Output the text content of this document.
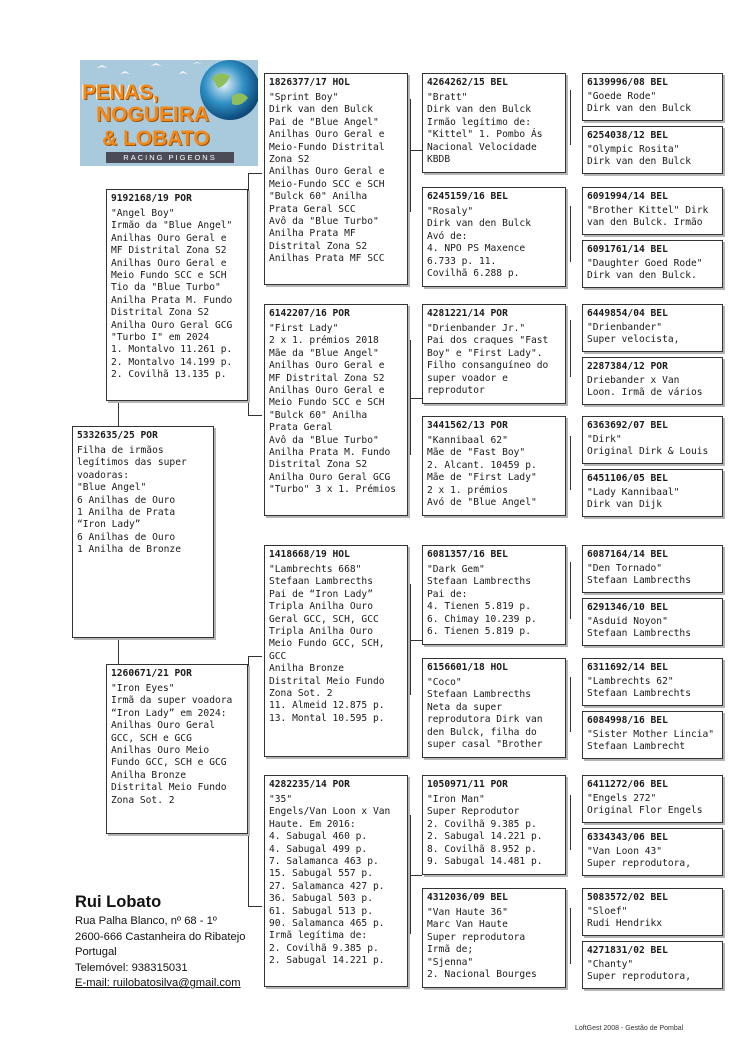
PENAS,
NOGUEIRA
& LOBATO
RACING PIGEONS
5332635/25 POR
Filha de irmãos
legítimos das super
voadoras:
"Blue Angel"
6 Anilhas de Ouro
1 Anilha de Prata
“Iron Lady”
6 Anilhas de Ouro
1 Anilha de Bronze
9192168/19 POR
"Angel Boy"
Irmão da "Blue Angel"
Anilhas Ouro Geral e
MF Distrital Zona S2
Anilhas Ouro Geral e
Meio Fundo SCC e SCH
Tio da "Blue Turbo"
Anilha Prata M. Fundo
Distrital Zona S2
Anilha Ouro Geral GCG
"Turbo I" em 2024
1. Montalvo 11.261 p.
2. Montalvo 14.199 p.
2. Covilhã 13.135 p.
1260671/21 POR
"Iron Eyes"
Irmã da super voadora
“Iron Lady” em 2024:
Anilhas Ouro Geral
GCC, SCH e GCG
Anilhas Ouro Meio
Fundo GCC, SCH e GCG
Anilha Bronze
Distrital Meio Fundo
Zona Sot. 2
1826377/17 HOL
"Sprint Boy"
Dirk van den Bulck
Pai de "Blue Angel"
Anilhas Ouro Geral e
Meio-Fundo Distrital
Zona S2
Anilhas Ouro Geral e
Meio-Fundo SCC e SCH
"Bulck 60" Anilha
Prata Geral SCC
Avô da "Blue Turbo"
Anilha Prata MF
Distrital Zona S2
Anilhas Prata MF SCC
6142207/16 POR
"First Lady"
2 x 1. prémios 2018
Mãe da "Blue Angel"
Anilhas Ouro Geral e
MF Distrital Zona S2
Anilhas Ouro Geral e
Meio Fundo SCC e SCH
"Bulck 60" Anilha
Prata Geral
Avô da "Blue Turbo"
Anilha Prata M. Fundo
Distrital Zona S2
Anilha Ouro Geral GCG
"Turbo" 3 x 1. Prémios
1418668/19 HOL
"Lambrechts 668"
Stefaan Lambrecths
Pai de “Iron Lady”
Tripla Anilha Ouro
Geral GCC, SCH, GCC
Tripla Anilha Ouro
Meio Fundo GCC, SCH,
GCC
Anilha Bronze
Distrital Meio Fundo
Zona Sot. 2
11. Almeid 12.875 p.
13. Montal 10.595 p.
4282235/14 POR
"35"
Engels/Van Loon x Van
Haute. Em 2016:
4. Sabugal 460 p.
4. Sabugal 499 p.
7. Salamanca 463 p.
15. Sabugal 557 p.
27. Salamanca 427 p.
36. Sabugal 503 p.
61. Sabugal 513 p.
90. Salamanca 465 p.
Irmã legítima de:
2. Covilhã 9.385 p.
2. Sabugal 14.221 p.
4264262/15 BEL
"Bratt"
Dirk van den Bulck
Irmão legítimo de:
"Kittel" 1. Pombo Ás
Nacional Velocidade
KBDB
6245159/16 BEL
"Rosaly"
Dirk van den Bulck
Avó de:
4. NPO PS Maxence
6.733 p. 11.
Covilhã 6.288 p.
4281221/14 POR
"Drienbander Jr."
Pai dos craques "Fast
Boy" e "First Lady".
Filho consanguíneo do
super voador e
reprodutor
3441562/13 POR
"Kannibaal 62"
Mãe de "Fast Boy"
2. Alcant. 10459 p.
Mãe de "First Lady"
2 x 1. prémios
Avó de "Blue Angel"
6081357/16 BEL
"Dark Gem"
Stefaan Lambrecths
Pai de:
4. Tienen 5.819 p.
6. Chimay 10.239 p.
6. Tienen 5.819 p.
6156601/18 HOL
"Coco"
Stefaan Lambrecths
Neta da super
reprodutora Dirk van
den Bulck, filha do
super casal "Brother
1050971/11 POR
"Iron Man"
Super Reprodutor
2. Covilhã 9.385 p.
2. Sabugal 14.221 p.
8. Covilhã 8.952 p.
9. Sabugal 14.481 p.
4312036/09 BEL
"Van Haute 36"
Marc Van Haute
Super reprodutora
Irmã de;
"Sjenna"
2. Nacional Bourges
6139996/08 BEL
"Goede Rode"
Dirk van den Bulck
6254038/12 BEL
"Olympic Rosita"
Dirk van den Bulck
6091994/14 BEL
"Brother Kittel" Dirk
van den Bulck. Irmão
6091761/14 BEL
"Daughter Goed Rode"
Dirk van den Bulck.
6449854/04 BEL
"Drienbander"
Super velocista,
2287384/12 POR
Driebander x Van
Loon. Irmã de vários
6363692/07 BEL
"Dirk"
Original Dirk & Louis
6451106/05 BEL
"Lady Kannibaal"
Dirk van Dijk
6087164/14 BEL
"Den Tornado"
Stefaan Lambrecths
6291346/10 BEL
"Asduid Noyon"
Stefaan Lambrecths
6311692/14 BEL
"Lambrechts 62"
Stefaan Lambrechts
6084998/16 BEL
"Sister Mother Lincia"
Stefaan Lambrecht
6411272/06 BEL
"Engels 272"
Original Flor Engels
6334343/06 BEL
"Van Loon 43"
Super reprodutora,
5083572/02 BEL
"Sloef"
Rudi Hendrikx
4271831/02 BEL
"Chanty"
Super reprodutora,
Rui Lobato
Rua Palha Blanco, nº 68 - 1º
2600-666 Castanheira do Ribatejo
Portugal
Telemóvel: 938315031
E-mail: ruilobatosilva@gmail.com
LoftGest 2008 - Gestão de Pombal
